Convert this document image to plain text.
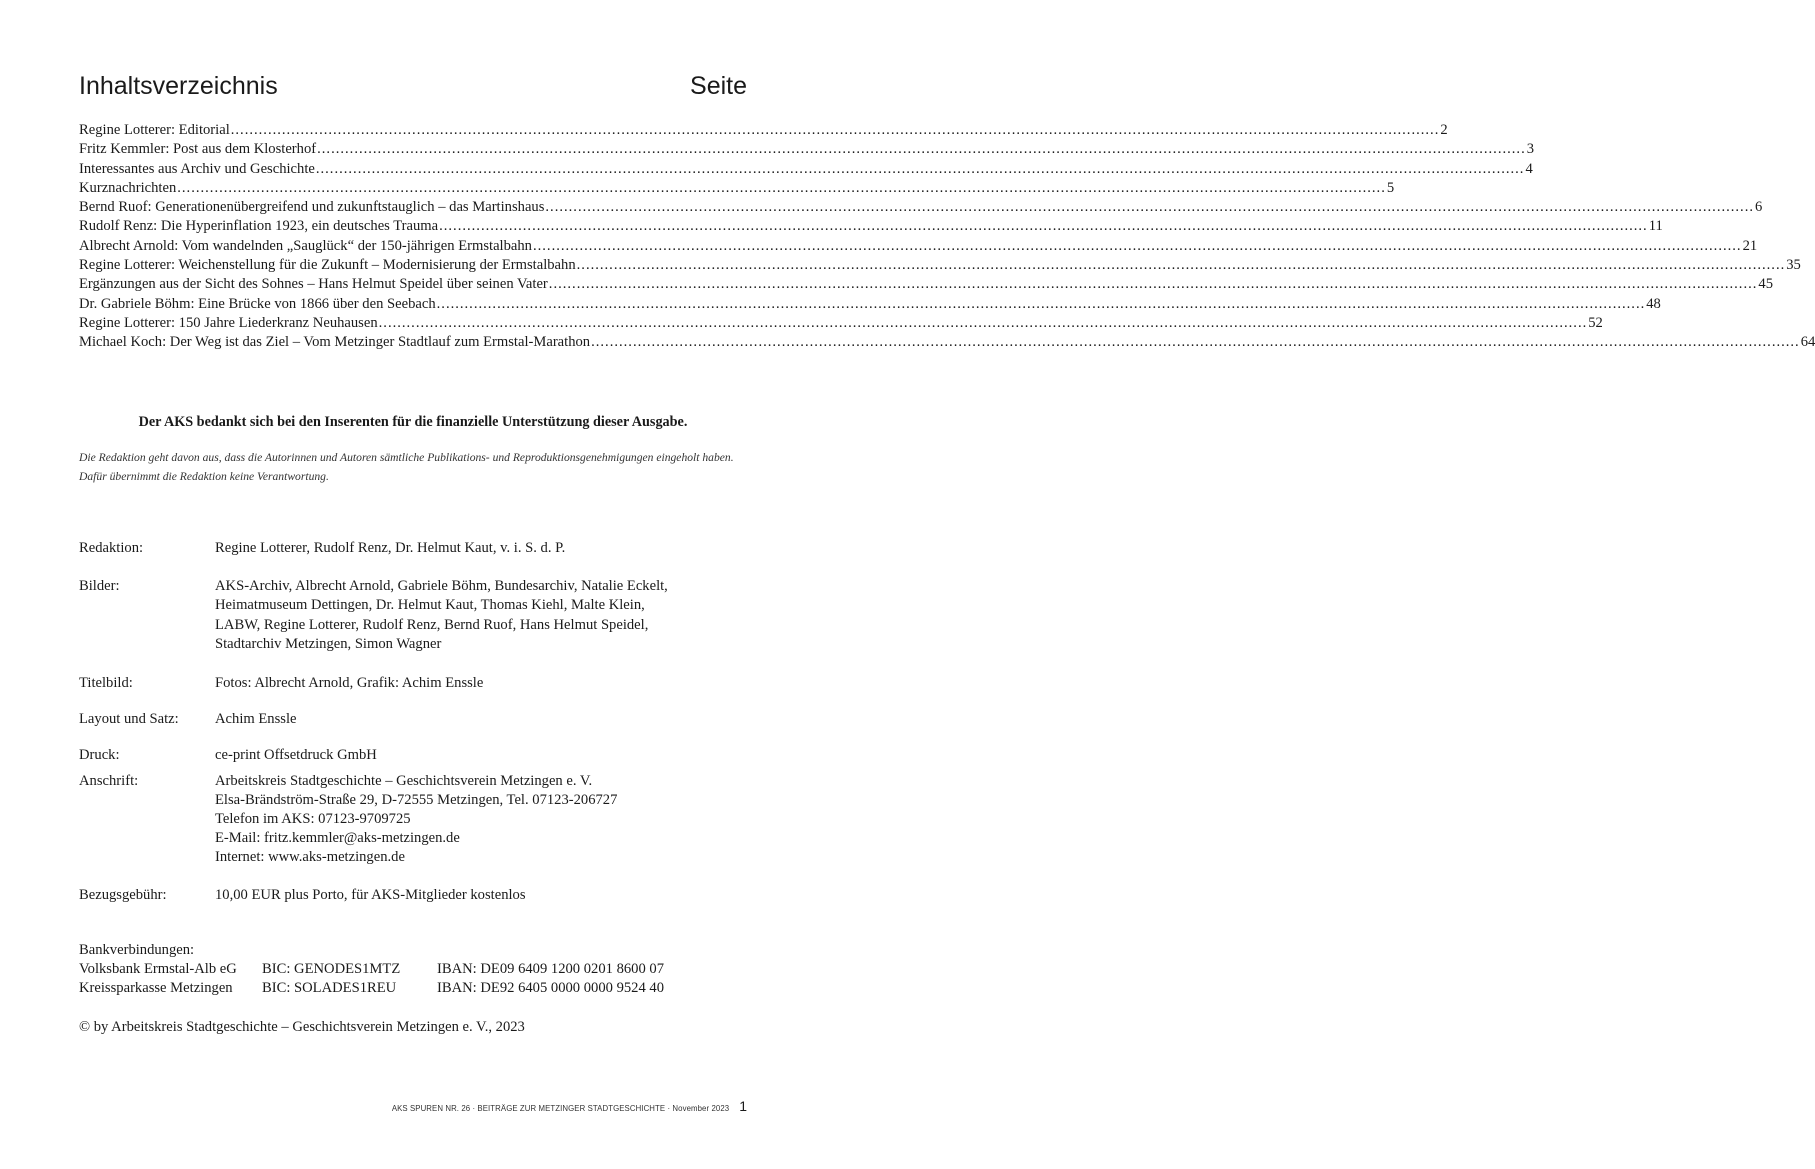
Inhaltsverzeichnis	Seite
Regine Lotterer: Editorial .................................................................................................................................................................................................................................................................... 2
Fritz Kemmler: Post aus dem Klosterhof .................................................................................................................................................................................................................................................................... 3
Interessantes aus Archiv und Geschichte .................................................................................................................................................................................................................................................................... 4
Kurznachrichten .................................................................................................................................................................................................................................................................... 5
Bernd Ruof: Generationenübergreifend und zukunftstauglich – das Martinshaus .................................................................................................................................................................................................................................................................... 6
Rudolf Renz: Die Hyperinflation 1923, ein deutsches Trauma .................................................................................................................................................................................................................................................................... 11
Albrecht Arnold: Vom wandelnden „Sauglück“ der 150-jährigen Ermstalbahn .................................................................................................................................................................................................................................................................... 21
Regine Lotterer: Weichenstellung für die Zukunft – Modernisierung der Ermstalbahn .................................................................................................................................................................................................................................................................... 35
Ergänzungen aus der Sicht des Sohnes – Hans Helmut Speidel über seinen Vater .................................................................................................................................................................................................................................................................... 45
Dr. Gabriele Böhm: Eine Brücke von 1866 über den Seebach .................................................................................................................................................................................................................................................................... 48
Regine Lotterer: 150 Jahre Liederkranz Neuhausen .................................................................................................................................................................................................................................................................... 52
Michael Koch: Der Weg ist das Ziel – Vom Metzinger Stadtlauf zum Ermstal-Marathon .................................................................................................................................................................................................................................................................... 64
Der AKS bedankt sich bei den Inserenten für die finanzielle Unterstützung dieser Ausgabe.
Die Redaktion geht davon aus, dass die Autorinnen und Autoren sämtliche Publikations- und Reproduktionsgenehmigungen eingeholt haben. Dafür übernimmt die Redaktion keine Verantwortung.
Redaktion:	Regine Lotterer, Rudolf Renz, Dr. Helmut Kaut, v. i. S. d. P.
Bilder:	AKS-Archiv, Albrecht Arnold, Gabriele Böhm, Bundesarchiv, Natalie Eckelt,
Heimatmuseum Dettingen, Dr. Helmut Kaut, Thomas Kiehl, Malte Klein,
LABW, Regine Lotterer, Rudolf Renz, Bernd Ruof, Hans Helmut Speidel,
Stadtarchiv Metzingen, Simon Wagner
Titelbild:	Fotos: Albrecht Arnold, Grafik: Achim Enssle
Layout und Satz:	Achim Enssle
Druck:	ce-print Offsetdruck GmbH
Anschrift:	Arbeitskreis Stadtgeschichte – Geschichtsverein Metzingen e. V.
Elsa-Brändström-Straße 29, D-72555 Metzingen, Tel. 07123-206727
Telefon im AKS: 07123-9709725
E-Mail: fritz.kemmler@aks-metzingen.de
Internet: www.aks-metzingen.de
Bezugsgebühr:	10,00 EUR plus Porto, für AKS-Mitglieder kostenlos
Bankverbindungen:
Volksbank Ermstal-Alb eG	BIC: GENODES1MTZ	IBAN: DE09 6409 1200 0201 8600 07
Kreissparkasse Metzingen	BIC: SOLADES1REU	IBAN: DE92 6405 0000 0000 9524 40
© by Arbeitskreis Stadtgeschichte – Geschichtsverein Metzingen e. V., 2023
AKS SPUREN NR. 26 · BEITRÄGE ZUR METZINGER STADTGESCHICHTE · November 2023 1
